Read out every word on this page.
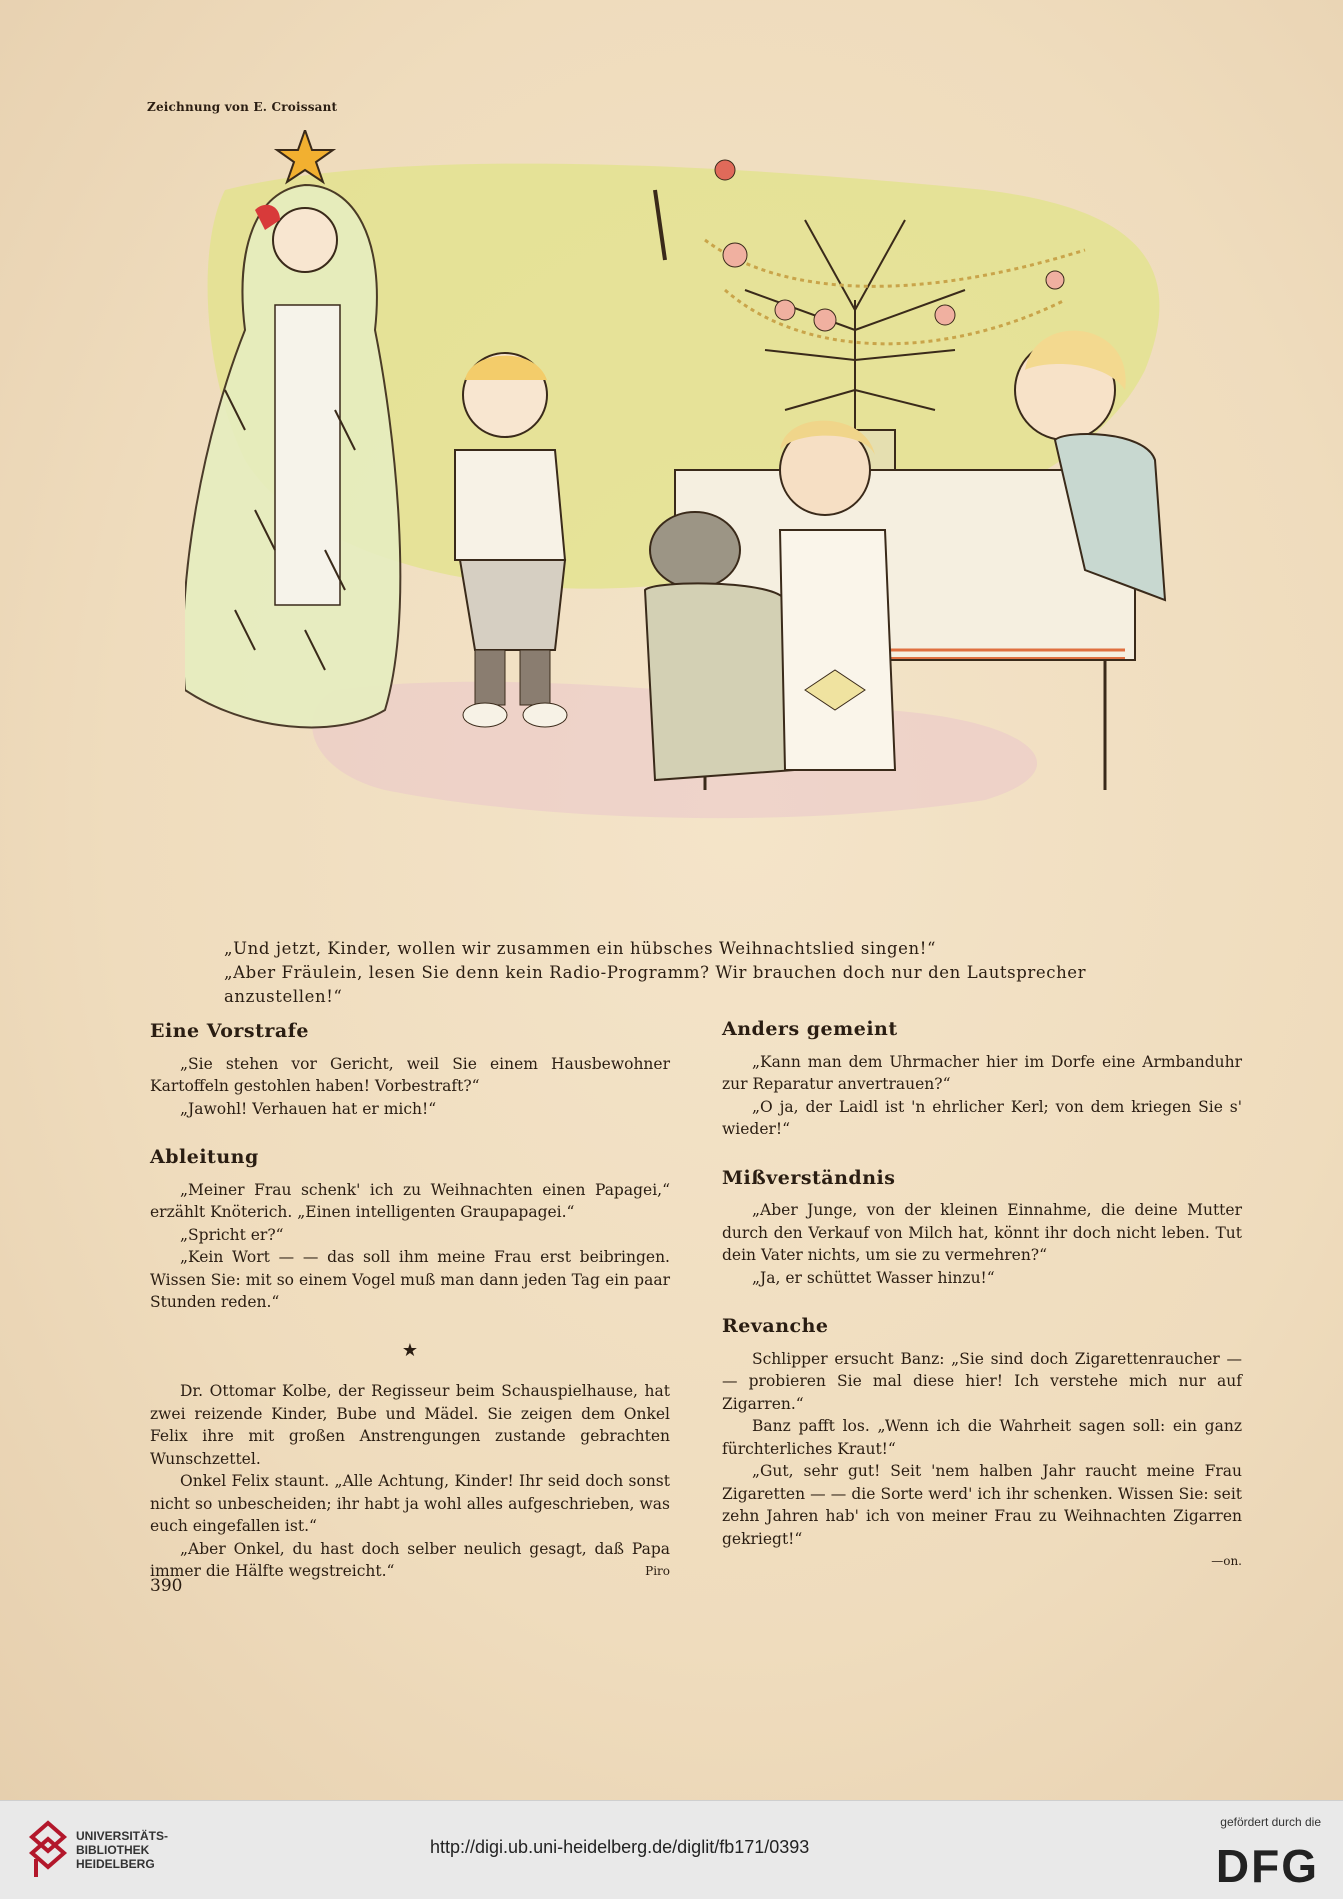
Zeichnung von E. Croissant
„Und jetzt, Kinder, wollen wir zusammen ein hübsches Weihnachtslied singen!“
„Aber Fräulein, lesen Sie denn kein Radio-Programm? Wir brauchen doch nur den Lautsprecher anzustellen!“
Eine Vorstrafe

„Sie stehen vor Gericht, weil Sie einem Hausbewohner Kartoffeln gestohlen haben! Vorbestraft?“

„Jawohl! Verhauen hat er mich!“

Ableitung

„Meiner Frau schenk' ich zu Weihnachten einen Papagei,“ erzählt Knöterich. „Einen intelligenten Graupapagei.“

„Spricht er?“

„Kein Wort — — das soll ihm meine Frau erst beibringen. Wissen Sie: mit so einem Vogel muß man dann jeden Tag ein paar Stunden reden.“

★

Dr. Ottomar Kolbe, der Regisseur beim Schauspielhause, hat zwei reizende Kinder, Bube und Mädel. Sie zeigen dem Onkel Felix ihre mit großen Anstrengungen zustande gebrachten Wunschzettel.

Onkel Felix staunt. „Alle Achtung, Kinder! Ihr seid doch sonst nicht so unbescheiden; ihr habt ja wohl alles aufgeschrieben, was euch eingefallen ist.“

„Aber Onkel, du hast doch selber neulich gesagt, daß Papa immer die Hälfte wegstreicht.“	Piro

Anders gemeint

„Kann man dem Uhrmacher hier im Dorfe eine Armbanduhr zur Reparatur anvertrauen?“

„O ja, der Laidl ist 'n ehrlicher Kerl; von dem kriegen Sie s' wieder!“

Mißverständnis

„Aber Junge, von der kleinen Einnahme, die deine Mutter durch den Verkauf von Milch hat, könnt ihr doch nicht leben. Tut dein Vater nichts, um sie zu vermehren?“

„Ja, er schüttet Wasser hinzu!“

Revanche

Schlipper ersucht Banz: „Sie sind doch Zigarettenraucher — — probieren Sie mal diese hier! Ich verstehe mich nur auf Zigarren.“

Banz pafft los. „Wenn ich die Wahrheit sagen soll: ein ganz fürchterliches Kraut!“

„Gut, sehr gut! Seit 'nem halben Jahr raucht meine Frau Zigaretten — — die Sorte werd' ich ihr schenken. Wissen Sie: seit zehn Jahren hab' ich von meiner Frau zu Weihnachten Zigarren gekriegt!“

—on.
390
UNIVERSITÄTS-
BIBLIOTHEK
HEIDELBERG
http://digi.ub.uni-heidelberg.de/diglit/fb171/0393
gefördert durch die
DFG
